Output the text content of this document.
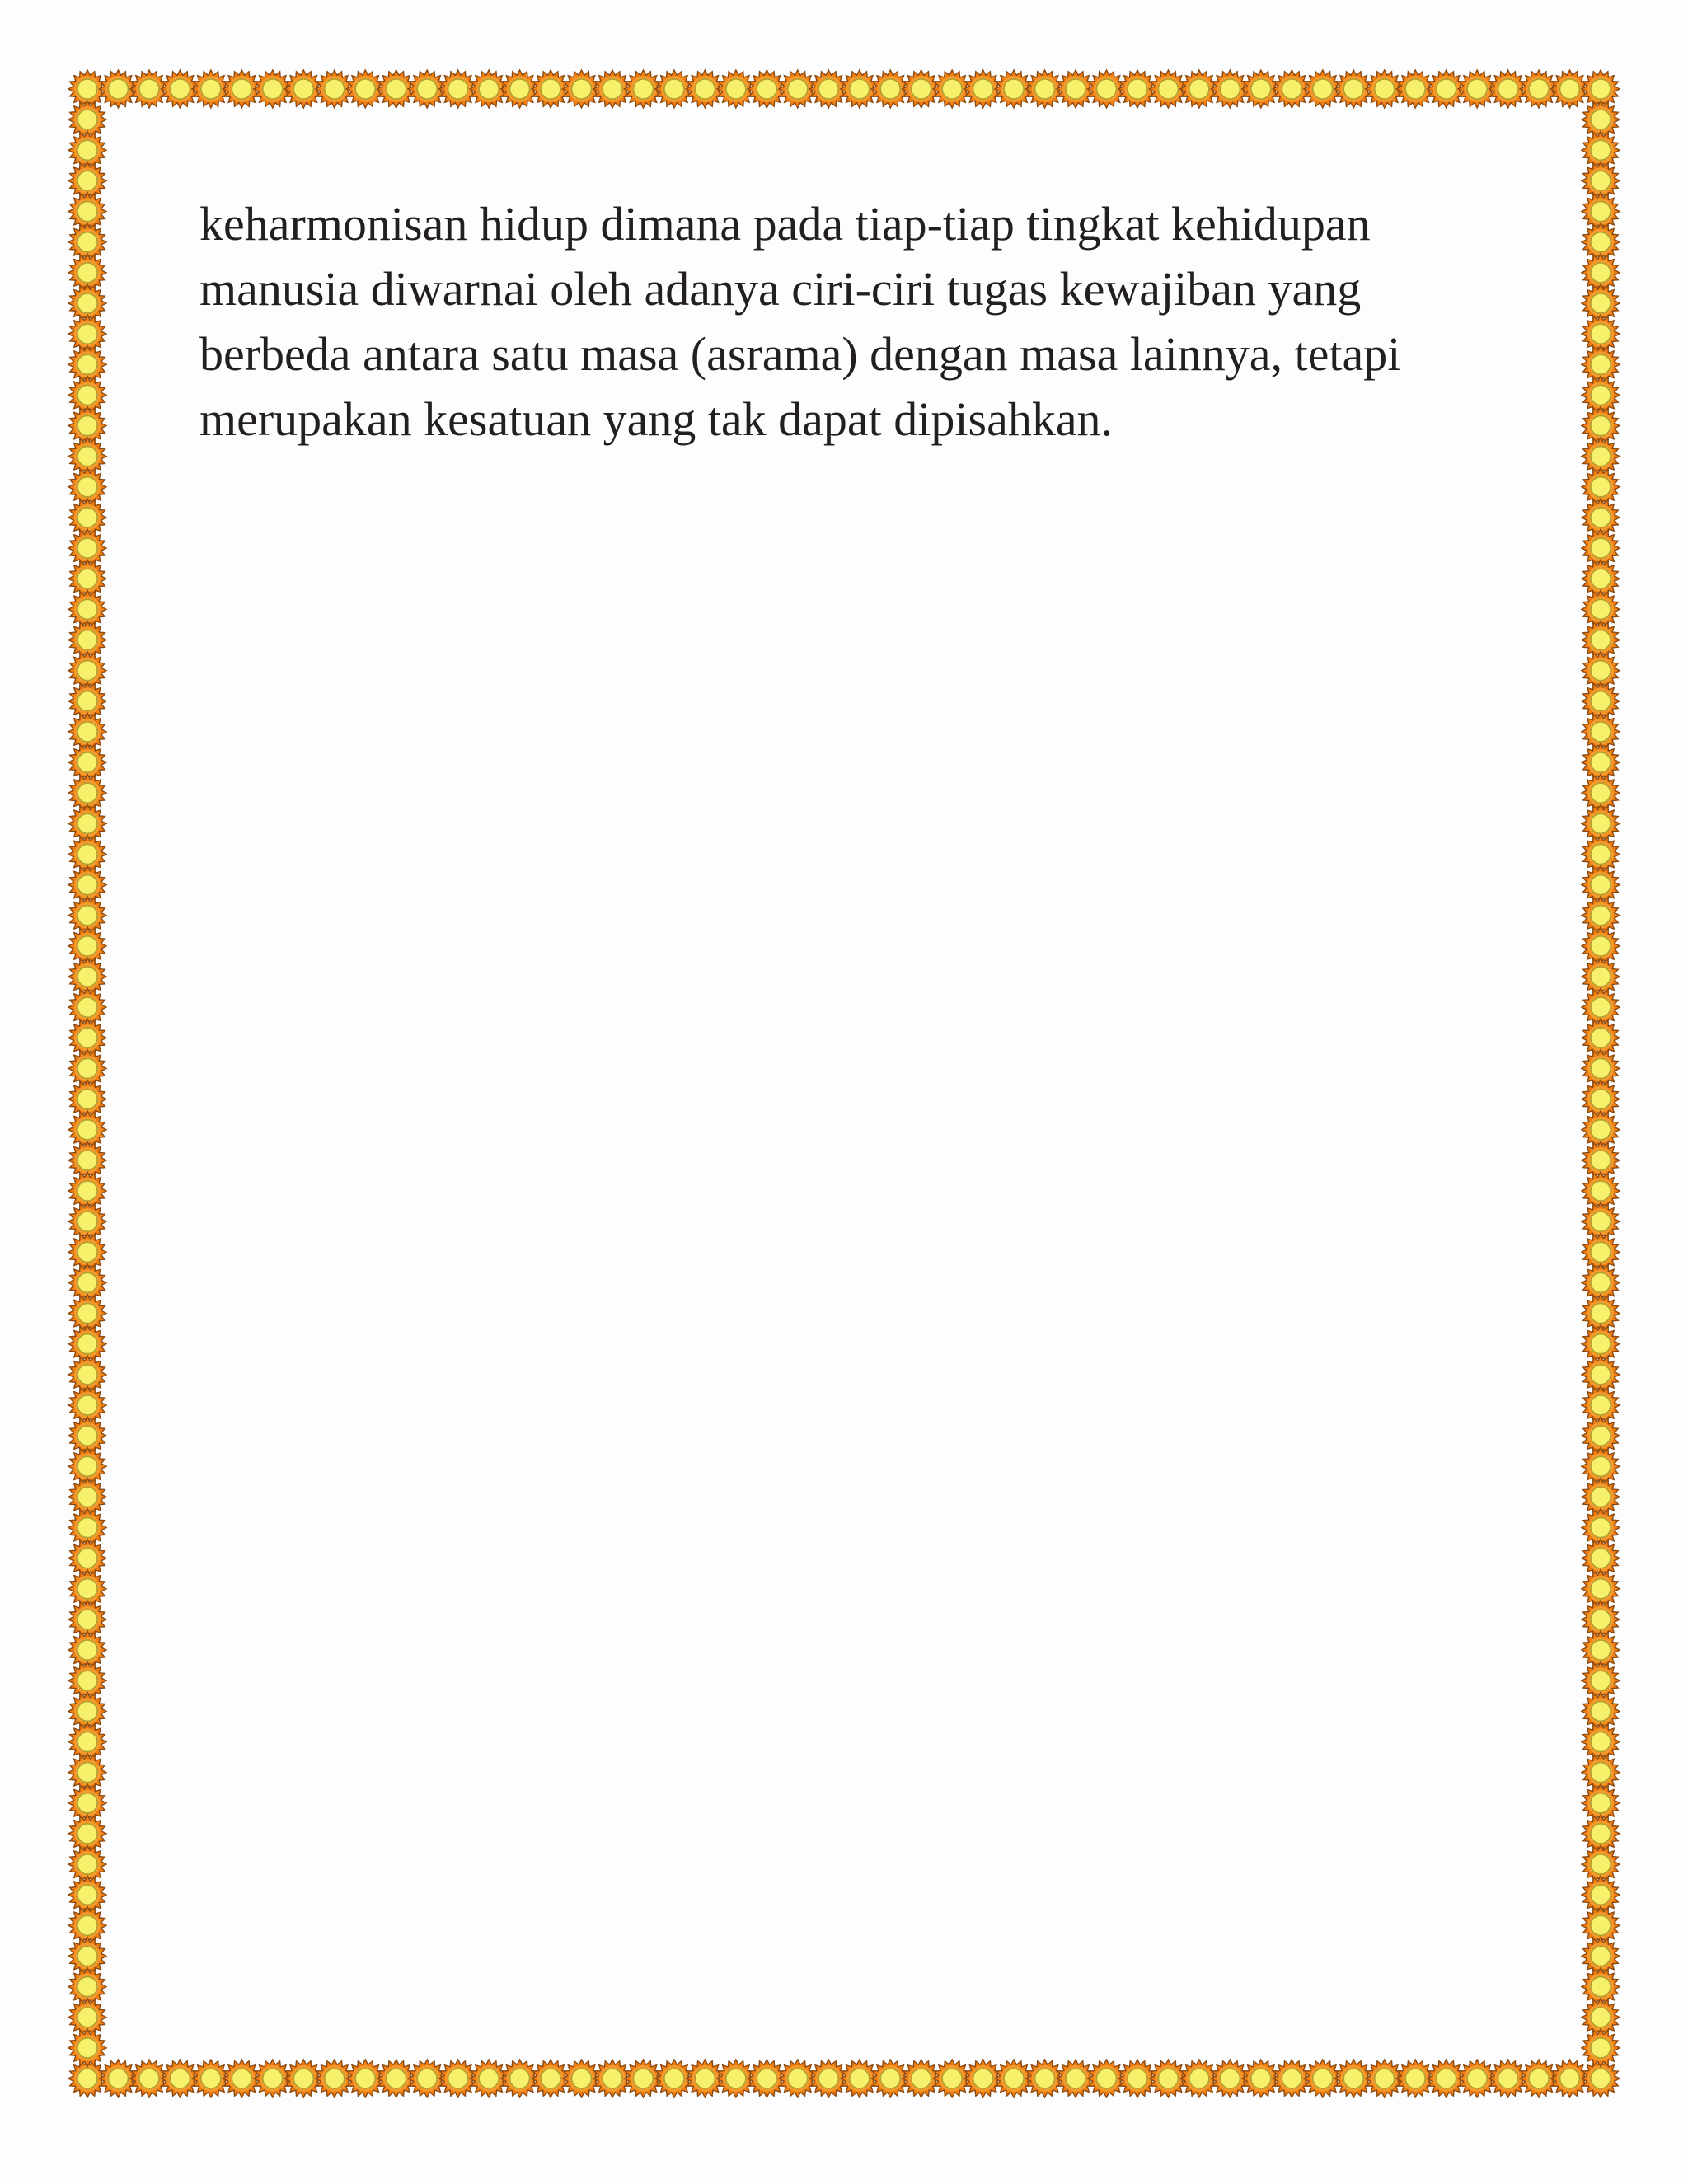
keharmonisan hidup dimana pada tiap-tiap tingkat kehidupan
manusia diwarnai oleh adanya ciri-ciri tugas kewajiban yang
berbeda antara satu masa (asrama) dengan masa lainnya, tetapi
merupakan kesatuan yang tak dapat dipisahkan.
